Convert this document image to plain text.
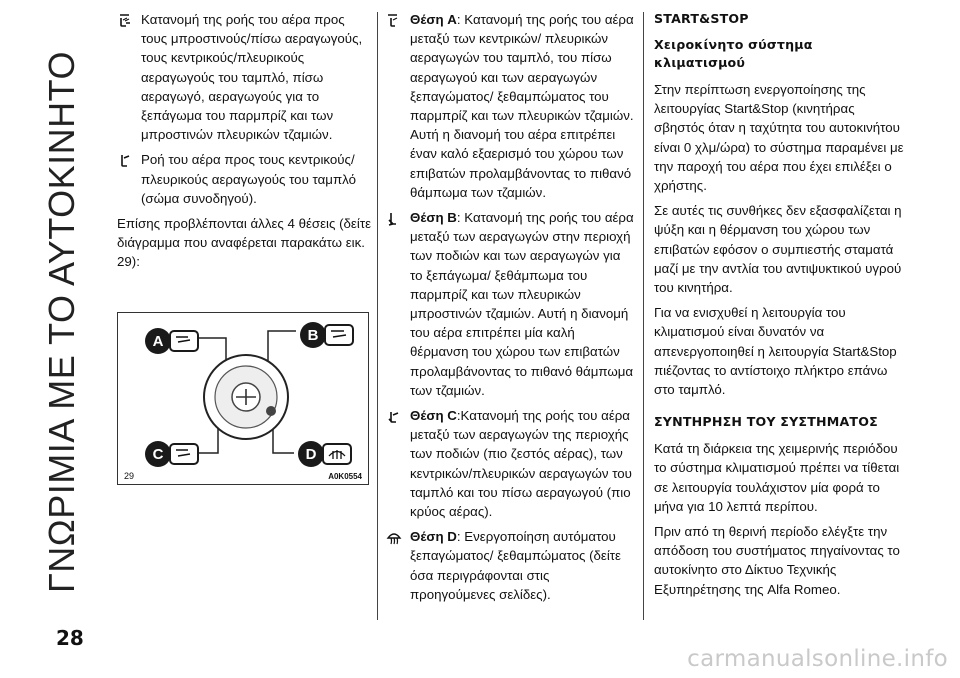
ΓΝΩΡΙΜΙΑ ΜΕ ΤΟ ΑΥΤΟΚΙΝΗΤΟ
Κατανομή της ροής του αέρα προς τους μπροστινούς/πίσω αεραγωγούς, τους κεντρικούς/πλευρικούς αεραγωγούς του ταμπλό, πίσω αεραγωγό, αεραγωγούς για το ξεπάγωμα του παρμπρίζ και των μπροστινών πλευρικών τζαμιών.
Ροή του αέρα προς τους κεντρικούς/πλευρικούς αεραγωγούς του ταμπλό (σώμα συνοδηγού).

Επίσης προβλέπονται άλλες 4 θέσεις (δείτε διάγραμμα που αναφέρεται παρακάτω εικ. 29):

A	B
C	D
29	A0K0554
Θέση A: Κατανομή της ροής του αέρα μεταξύ των κεντρικών/ πλευρικών αεραγωγών του ταμπλό, του πίσω αεραγωγού και των αεραγωγών ξεπαγώματος/ ξεθαμπώματος του παρμπρίζ και των πλευρικών τζαμιών. Αυτή η διανομή του αέρα επιτρέπει έναν καλό εξαερισμό του χώρου των επιβατών προλαμβάνοντας το πιθανό θάμπωμα των τζαμιών.
Θέση B: Κατανομή της ροής του αέρα μεταξύ των αεραγωγών στην περιοχή των ποδιών και των αεραγωγών για το ξεπάγωμα/ ξεθάμπωμα του παρμπρίζ και των πλευρικών μπροστινών τζαμιών. Αυτή η διανομή του αέρα επιτρέπει μία καλή θέρμανση του χώρου των επιβατών προλαμβάνοντας το πιθανό θάμπωμα των τζαμιών.
Θέση C:Κατανομή της ροής του αέρα μεταξύ των αεραγωγών της περιοχής των ποδιών (πιο ζεστός αέρας), των κεντρικών/πλευρικών αεραγωγών του ταμπλό και του πίσω αεραγωγού (πιο κρύος αέρας).
Θέση D: Ενεργοποίηση αυτόματου ξεπαγώματος/ ξεθαμπώματος (δείτε όσα περιγράφονται στις προηγούμενες σελίδες).
START&STOP
Χειροκίνητο σύστημα κλιματισμού

Στην περίπτωση ενεργοποίησης της λειτουργίας Start&Stop (κινητήρας σβηστός όταν η ταχύτητα του αυτοκινήτου είναι 0 χλμ/ώρα) το σύστημα παραμένει με την παροχή του αέρα που έχει επιλέξει ο χρήστης.

Σε αυτές τις συνθήκες δεν εξασφαλίζεται η ψύξη και η θέρμανση του χώρου των επιβατών εφόσον ο συμπιεστής σταματά μαζί με την αντλία του αντιψυκτικού υγρού του κινητήρα.

Για να ενισχυθεί η λειτουργία του κλιματισμού είναι δυνατόν να απενεργοποιηθεί η λειτουργία Start&Stop πιέζοντας το αντίστοιχο πλήκτρο επάνω στο ταμπλό.

ΣΥΝΤΗΡΗΣΗ ΤΟΥ ΣΥΣΤΗΜΑΤΟΣ

Κατά τη διάρκεια της χειμερινής περιόδου το σύστημα κλιματισμού πρέπει να τίθεται σε λειτουργία τουλάχιστον μία φορά το μήνα για 10 λεπτά περίπου.

Πριν από τη θερινή περίοδο ελέγξτε την απόδοση του συστήματος πηγαίνοντας το αυτοκίνητο στο Δίκτυο Τεχνικής Εξυπηρέτησης της Alfa Romeo.

28
carmanualsonline.info
